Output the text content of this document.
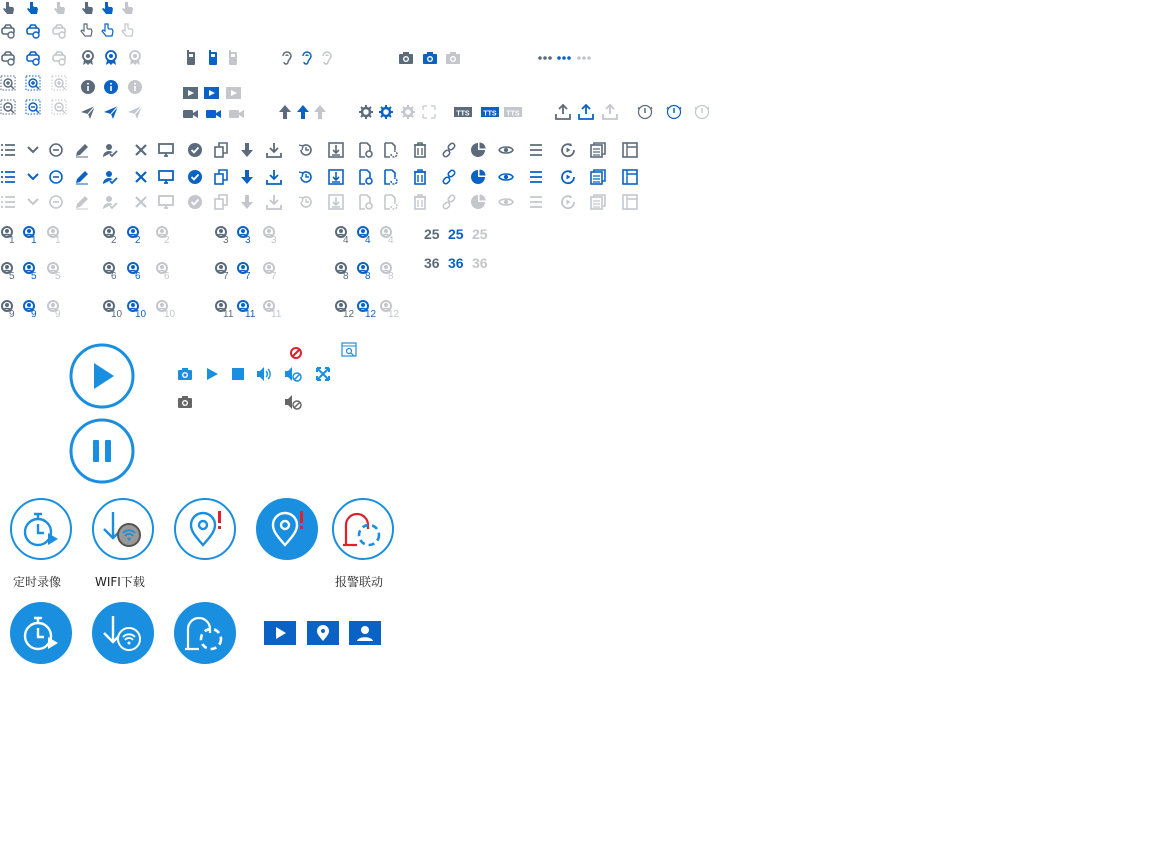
定时录像	WIFI下载	报警联动
25 25 25
36 36 36
TTS TTS TTS
1 1 1	2 2 2	3 3 3	4 4 4
5 5 5	6 6 6	7 7 7	8 8 8
9 9 9	10 10 10	11 11 11	12 12 12
